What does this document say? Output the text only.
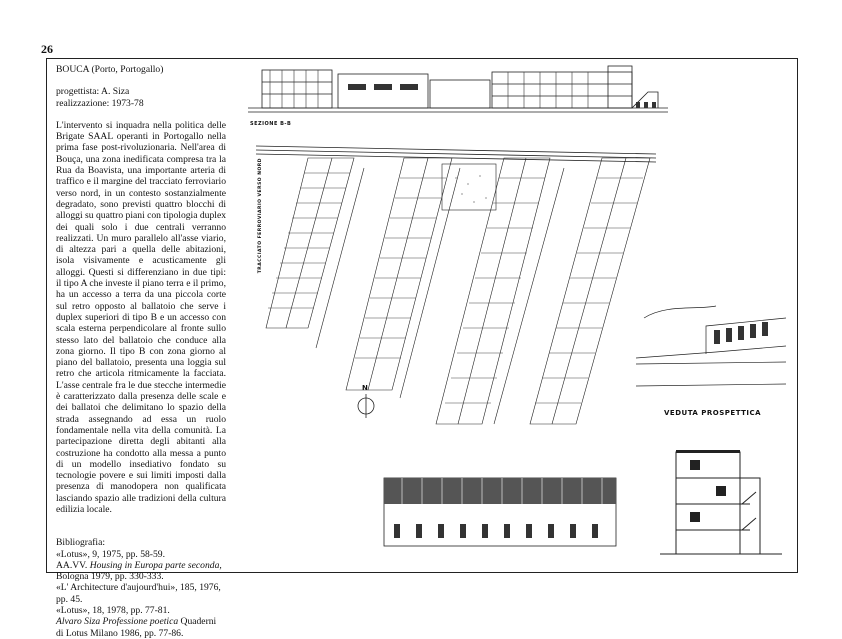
26

BOUCA (Porto, Portogallo)

progettista: A. Siza

realizzazione: 1973-78

L'intervento si inquadra nella politica delle Brigate SAAL operanti in Portogallo nella prima fase post-rivoluzionaria. Nell'area di Bouça, una zona inedificata compresa tra la Rua da Boavista, una importante arteria di traffico e il margine del tracciato ferroviario verso nord, in un contesto sostanzialmente degradato, sono previsti quattro blocchi di alloggi su quattro piani con tipologia duplex dei quali solo i due centrali verranno realizzati. Un muro parallelo all'asse viario, di altezza pari a quella delle abitazioni, isola visivamente e acusticamente gli alloggi. Questi si differenziano in due tipi: il tipo A che investe il piano terra e il primo, ha un accesso a terra da una piccola corte sul retro opposto al ballatoio che serve i duplex superiori di tipo B e un accesso con scala esterna perpendicolare al fronte sullo stesso lato del ballatoio che conduce alla zona giorno. Il tipo B con zona giorno al piano del ballatoio, presenta una loggia sul retro che articola ritmicamente la facciata. L'asse centrale fra le due stecche intermedie è caratterizzato dalla presenza delle scale e dei ballatoi che delimitano lo spazio della strada assegnando ad essa un ruolo fondamentale nella vita della comunità. La partecipazione diretta degli abitanti alla costruzione ha condotto alla messa a punto di un modello insediativo fondato su tecnologie povere e sui limiti imposti dalla presenza di manodopera non qualificata lasciando spazio alle tradizioni della cultura edilizia locale.

Bibliografia:

«Lotus», 9, 1975, pp. 58-59.

AA.VV. Housing in Europa parte seconda,

Bologna 1979, pp. 330-333.

«L' Architecture d'aujourd'hui», 185, 1976, pp. 45.

«Lotus», 18, 1978, pp. 77-81.

Alvaro Siza Professione poetica Quaderni di Lotus Milano 1986, pp. 77-86.

SEZIONE B-B
N
TRACCIATO FERROVIARIO VERSO NORD
VEDUTA PROSPETTICA
